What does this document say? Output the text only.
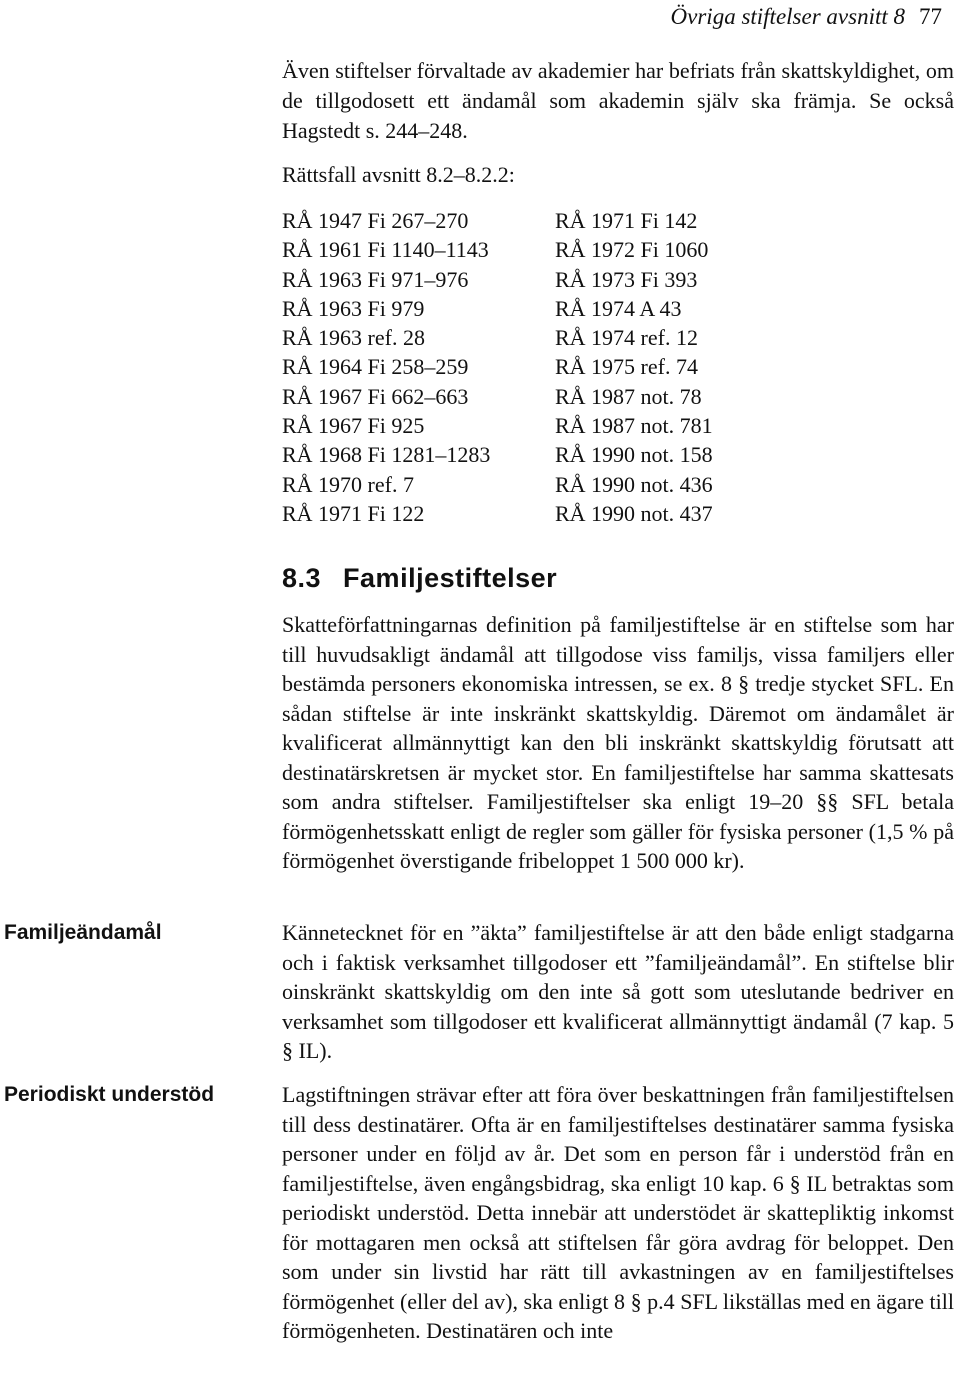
Övriga stiftelser avsnitt 8 77

Även stiftelser förvaltade av akademier har befriats från skattskyldighet, om de tillgodosett ett ändamål som akademin själv ska främja. Se också Hagstedt s. 244–248.

Rättsfall avsnitt 8.2–8.2.2:
RÅ 1947 Fi 267–270
RÅ 1961 Fi 1140–1143
RÅ 1963 Fi 971–976
RÅ 1963 Fi 979
RÅ 1963 ref. 28
RÅ 1964 Fi 258–259
RÅ 1967 Fi 662–663
RÅ 1967 Fi 925
RÅ 1968 Fi 1281–1283
RÅ 1970 ref. 7
RÅ 1971 Fi 122
RÅ 1971 Fi 142
RÅ 1972 Fi 1060
RÅ 1973 Fi 393
RÅ 1974 A 43
RÅ 1974 ref. 12
RÅ 1975 ref. 74
RÅ 1987 not. 78
RÅ 1987 not. 781
RÅ 1990 not. 158
RÅ 1990 not. 436
RÅ 1990 not. 437
8.3 Familjestiftelser

Skatteförfattningarnas definition på familjestiftelse är en stiftelse som har till huvudsakligt ändamål att tillgodose viss familjs, vissa familjers eller bestämda personers ekonomiska intressen, se ex. 8 § tredje stycket SFL. En sådan stiftelse är inte inskränkt skattskyldig. Däremot om ändamålet är kvalificerat allmännyttigt kan den bli inskränkt skattskyldig förutsatt att destinatärskretsen är mycket stor. En familjestiftelse har samma skattesats som andra stiftelser. Familjestiftelser ska enligt 19–20 §§ SFL betala förmögenhetsskatt enligt de regler som gäller för fysiska personer (1,5 % på förmögenhet överstigande fribeloppet 1 500 000 kr).

Familjeändamål	Kännetecknet för en ”äkta” familjestiftelse är att den både enligt stadgarna och i faktisk verksamhet tillgodoser ett ”familjeändamål”. En stiftelse blir oinskränkt skattskyldig om den inte så gott som uteslutande bedriver en verksamhet som tillgodoser ett kvalificerat allmännyttigt ändamål (7 kap. 5 § IL).

Periodiskt understöd	Lagstiftningen strävar efter att föra över beskattningen från familjestiftelsen till dess destinatärer. Ofta är en familjestiftelses destinatärer samma fysiska personer under en följd av år. Det som en person får i understöd från en familjestiftelse, även engångsbidrag, ska enligt 10 kap. 6 § IL betraktas som periodiskt understöd. Detta innebär att understödet är skattepliktig inkomst för mottagaren men också att stiftelsen får göra avdrag för beloppet. Den som under sin livstid har rätt till avkastningen av en familjestiftelses förmögenhet (eller del av), ska enligt 8 § p.4 SFL likställas med en ägare till förmögenheten. Destinatären och inte
